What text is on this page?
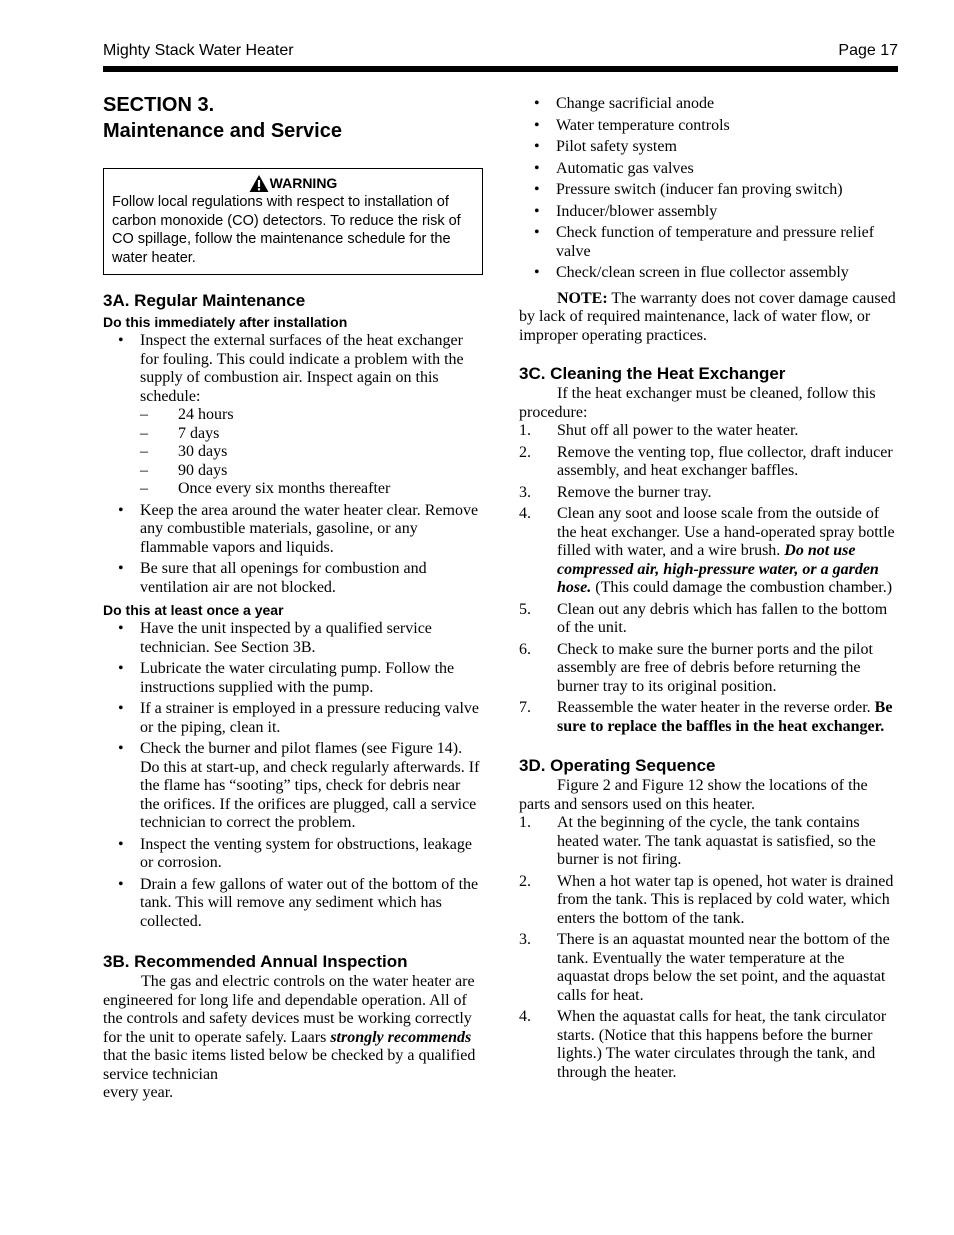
Mighty Stack Water Heater	Page 17
SECTION 3.
Maintenance and Service
WARNING
Follow local regulations with respect to installation of carbon monoxide (CO) detectors. To reduce the risk of CO spillage, follow the maintenance schedule for the water heater.
3A. Regular Maintenance
Do this immediately after installation
• Inspect the external surfaces of the heat exchanger for fouling. This could indicate a problem with the supply of combustion air. Inspect again on this schedule:
– 24 hours
– 7 days
– 30 days
– 90 days
– Once every six months thereafter
• Keep the area around the water heater clear. Remove any combustible materials, gasoline, or any flammable vapors and liquids.
• Be sure that all openings for combustion and ventilation air are not blocked.
Do this at least once a year
• Have the unit inspected by a qualified service technician. See Section 3B.
• Lubricate the water circulating pump. Follow the instructions supplied with the pump.
• If a strainer is employed in a pressure reducing valve or the piping, clean it.
• Check the burner and pilot flames (see Figure 14). Do this at start-up, and check regularly afterwards. If the flame has “sooting” tips, check for debris near the orifices. If the orifices are plugged, call a service technician to correct the problem.
• Inspect the venting system for obstructions, leakage or corrosion.
• Drain a few gallons of water out of the bottom of the tank. This will remove any sediment which has collected.
3B. Recommended Annual Inspection

The gas and electric controls on the water heater are engineered for long life and dependable operation. All of the controls and safety devices must be working correctly for the unit to operate safely. Laars strongly recommends that the basic items listed below be checked by a qualified service technician
every year.

• Change sacrificial anode
• Water temperature controls
• Pilot safety system
• Automatic gas valves
• Pressure switch (inducer fan proving switch)
• Inducer/blower assembly
• Check function of temperature and pressure relief valve
• Check/clean screen in flue collector assembly

NOTE: The warranty does not cover damage caused by lack of required maintenance, lack of water flow, or improper operating practices.

3C. Cleaning the Heat Exchanger

If the heat exchanger must be cleaned, follow this procedure:

1. Shut off all power to the water heater.
2. Remove the venting top, flue collector, draft inducer assembly, and heat exchanger baffles.
3. Remove the burner tray.
4. Clean any soot and loose scale from the outside of the heat exchanger. Use a hand-operated spray bottle filled with water, and a wire brush. Do not use compressed air, high-pressure water, or a garden hose. (This could damage the combustion chamber.)
5. Clean out any debris which has fallen to the bottom of the unit.
6. Check to make sure the burner ports and the pilot assembly are free of debris before returning the burner tray to its original position.
7. Reassemble the water heater in the reverse order. Be sure to replace the baffles in the heat exchanger.
3D. Operating Sequence

Figure 2 and Figure 12 show the locations of the parts and sensors used on this heater.

1. At the beginning of the cycle, the tank contains heated water. The tank aquastat is satisfied, so the burner is not firing.
2. When a hot water tap is opened, hot water is drained from the tank. This is replaced by cold water, which enters the bottom of the tank.
3. There is an aquastat mounted near the bottom of the tank. Eventually the water temperature at the aquastat drops below the set point, and the aquastat calls for heat.
4. When the aquastat calls for heat, the tank circulator starts. (Notice that this happens before the burner lights.) The water circulates through the tank, and through the heater.
